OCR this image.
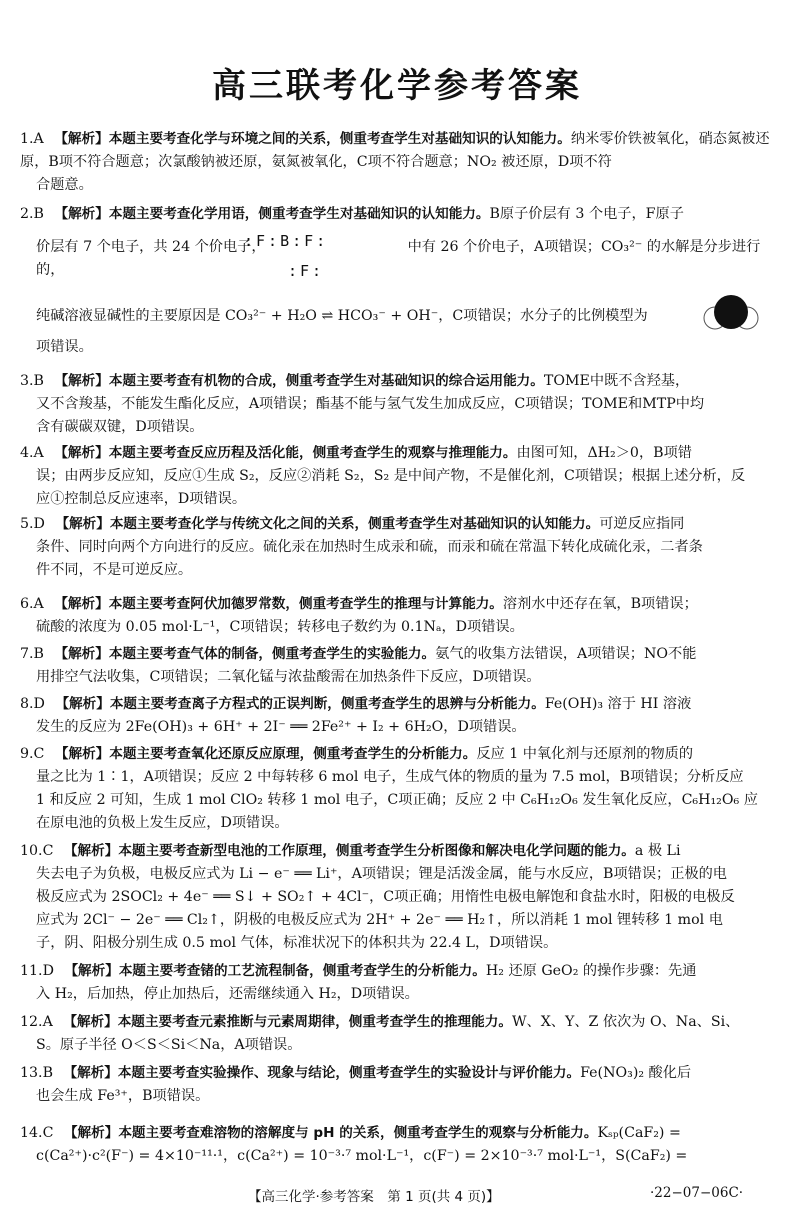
高三联考化学参考答案
1.A 【解析】本题主要考查化学与环境之间的关系，侧重考查学生对基础知识的认知能力。纳米零价铁被氧化，硝态氮被还原，B项不符合题意；次氯酸钠被还原，氨氮被氧化，C项不符合题意；NO₂ 被还原，D项不符
合题意。
2.B 【解析】本题主要考查化学用语，侧重考查学生对基础知识的认知能力。B原子价层有 3 个电子，F原子
价层有 7 个电子，共 24 个价电子，	中有 26 个价电子，A项错误；CO₃²⁻ 的水解是分步进行的，
:F:B:F:
:F:
纯碱溶液显碱性的主要原因是 CO₃²⁻ + H₂O ⇌ HCO₃⁻ + OH⁻，C项错误；水分子的比例模型为
项错误。
3.B 【解析】本题主要考查有机物的合成，侧重考查学生对基础知识的综合运用能力。TOME中既不含羟基，
又不含羧基，不能发生酯化反应，A项错误；酯基不能与氢气发生加成反应，C项错误；TOME和MTP中均
含有碳碳双键，D项错误。
4.A 【解析】本题主要考查反应历程及活化能，侧重考查学生的观察与推理能力。由图可知，ΔH₂＞0，B项错
误；由两步反应知，反应①生成 S₂，反应②消耗 S₂，S₂ 是中间产物，不是催化剂，C项错误；根据上述分析，反
应①控制总反应速率，D项错误。
5.D 【解析】本题主要考查化学与传统文化之间的关系，侧重考查学生对基础知识的认知能力。可逆反应指同
条件、同时向两个方向进行的反应。硫化汞在加热时生成汞和硫，而汞和硫在常温下转化成硫化汞，二者条
件不同，不是可逆反应。
6.A 【解析】本题主要考查阿伏加德罗常数，侧重考查学生的推理与计算能力。溶剂水中还存在氧，B项错误；
硫酸的浓度为 0.05 mol·L⁻¹，C项错误；转移电子数约为 0.1Nₐ，D项错误。
7.B 【解析】本题主要考查气体的制备，侧重考查学生的实验能力。氨气的收集方法错误，A项错误；NO不能
用排空气法收集，C项错误；二氧化锰与浓盐酸需在加热条件下反应，D项错误。
8.D 【解析】本题主要考查离子方程式的正误判断，侧重考查学生的思辨与分析能力。Fe(OH)₃ 溶于 HI 溶液
发生的反应为 2Fe(OH)₃ + 6H⁺ + 2I⁻ ══ 2Fe²⁺ + I₂ + 6H₂O，D项错误。
9.C 【解析】本题主要考查氧化还原反应原理，侧重考查学生的分析能力。反应 1 中氧化剂与还原剂的物质的
量之比为 1∶1，A项错误；反应 2 中每转移 6 mol 电子，生成气体的物质的量为 7.5 mol，B项错误；分析反应
1 和反应 2 可知，生成 1 mol ClO₂ 转移 1 mol 电子，C项正确；反应 2 中 C₆H₁₂O₆ 发生氧化反应，C₆H₁₂O₆ 应
在原电池的负极上发生反应，D项错误。
10.C 【解析】本题主要考查新型电池的工作原理，侧重考查学生分析图像和解决电化学问题的能力。a 极 Li
失去电子为负极，电极反应式为 Li − e⁻ ══ Li⁺，A项错误；锂是活泼金属，能与水反应，B项错误；正极的电
极反应式为 2SOCl₂ + 4e⁻ ══ S↓ + SO₂↑ + 4Cl⁻，C项正确；用惰性电极电解饱和食盐水时，阳极的电极反
应式为 2Cl⁻ − 2e⁻ ══ Cl₂↑，阴极的电极反应式为 2H⁺ + 2e⁻ ══ H₂↑，所以消耗 1 mol 锂转移 1 mol 电
子，阴、阳极分别生成 0.5 mol 气体，标准状况下的体积共为 22.4 L，D项错误。
11.D 【解析】本题主要考查锗的工艺流程制备，侧重考查学生的分析能力。H₂ 还原 GeO₂ 的操作步骤：先通
入 H₂，后加热，停止加热后，还需继续通入 H₂，D项错误。
12.A 【解析】本题主要考查元素推断与元素周期律，侧重考查学生的推理能力。W、X、Y、Z 依次为 O、Na、Si、
S。原子半径 O＜S＜Si＜Na，A项错误。
13.B 【解析】本题主要考查实验操作、现象与结论，侧重考查学生的实验设计与评价能力。Fe(NO₃)₂ 酸化后
也会生成 Fe³⁺，B项错误。
14.C 【解析】本题主要考查难溶物的溶解度与 pH 的关系，侧重考查学生的观察与分析能力。Kₛₚ(CaF₂) =
c(Ca²⁺)·c²(F⁻) = 4×10⁻¹¹·¹，c(Ca²⁺) = 10⁻³·⁷ mol·L⁻¹，c(F⁻) = 2×10⁻³·⁷ mol·L⁻¹，S(CaF₂) =
【高三化学·参考答案　第 1 页(共 4 页)】	·22−07−06C·
